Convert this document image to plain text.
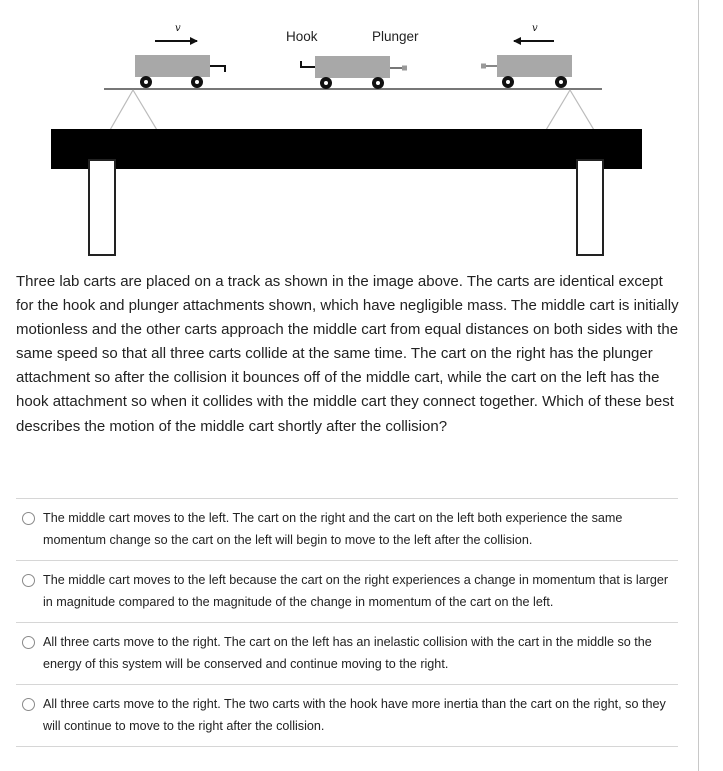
v
Hook	Plunger
v

Three lab carts are placed on a track as shown in the image above. The carts are identical except for the hook and plunger attachments shown, which have negligible mass. The middle cart is initially motionless and the other carts approach the middle cart from equal distances on both sides with the same speed so that all three carts collide at the same time. The cart on the right has the plunger attachment so after the collision it bounces off of the middle cart, while the cart on the left has the hook attachment so when it collides with the middle cart they connect together. Which of these best describes the motion of the middle cart shortly after the collision?

The middle cart moves to the left. The cart on the right and the cart on the left both experience the same momentum change so the cart on the left will begin to move to the left after the collision.
The middle cart moves to the left because the cart on the right experiences a change in momentum that is larger in magnitude compared to the magnitude of the change in momentum of the cart on the left.
All three carts move to the right. The cart on the left has an inelastic collision with the cart in the middle so the energy of this system will be conserved and continue moving to the right.
All three carts move to the right. The two carts with the hook have more inertia than the cart on the right, so they will continue to move to the right after the collision.
